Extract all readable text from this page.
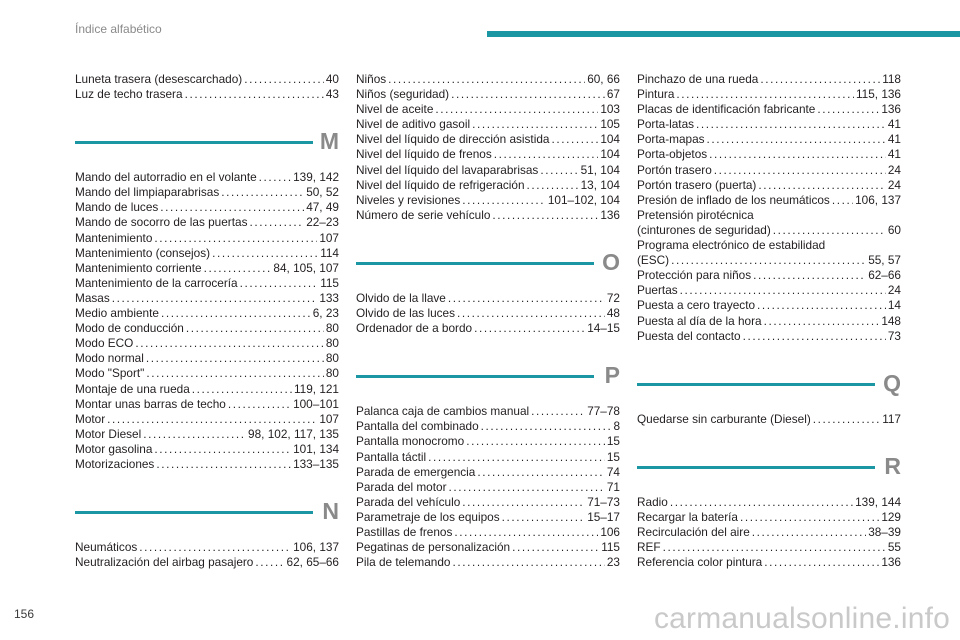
Índice alfabético
Luneta trasera (desescarchado) .....	40
Luz de techo trasera .....	43
M
Mando del autorradio en el volante .....	139, 142
Mando del limpiaparabrisas .....	50, 52
Mando de luces .....	47, 49
Mando de socorro de las puertas .....	22–23
Mantenimiento .....	107
Mantenimiento (consejos) .....	114
Mantenimiento corriente .....	84, 105, 107
Mantenimiento de la carrocería .....	115
Masas .....	133
Medio ambiente .....	6, 23
Modo de conducción .....	80
Modo ECO .....	80
Modo normal .....	80
Modo "Sport" .....	80
Montaje de una rueda .....	119, 121
Montar unas barras de techo .....	100–101
Motor .....	107
Motor Diesel .....	98, 102, 117, 135
Motor gasolina .....	101, 134
Motorizaciones .....	133–135
N
Neumáticos .....	106, 137
Neutralización del airbag pasajero .....	62, 65–66
Niños .....	60, 66
Niños (seguridad) .....	67
Nivel de aceite .....	103
Nivel de aditivo gasoil .....	105
Nivel del líquido de dirección asistida .....	104
Nivel del líquido de frenos .....	104
Nivel del líquido del lavaparabrisas .....	51, 104
Nivel del líquido de refrigeración .....	13, 104
Niveles y revisiones .....	101–102, 104
Número de serie vehículo .....	136
O
Olvido de la llave .....	72
Olvido de las luces .....	48
Ordenador de a bordo .....	14–15
P
Palanca caja de cambios manual .....	77–78
Pantalla del combinado .....	8
Pantalla monocromo .....	15
Pantalla táctil .....	15
Parada de emergencia .....	74
Parada del motor .....	71
Parada del vehículo .....	71–73
Parametraje de los equipos .....	15–17
Pastillas de frenos .....	106
Pegatinas de personalización .....	115
Pila de telemando .....	23
Pinchazo de una rueda .....	118
Pintura .....	115, 136
Placas de identificación fabricante .....	136
Porta-latas .....	41
Porta-mapas .....	41
Porta-objetos .....	41
Portón trasero .....	24
Portón trasero (puerta) .....	24
Presión de inflado de los neumáticos ..... 106, 137
Pretensión pirotécnica
(cinturones de seguridad) .....	60
Programa electrónico de estabilidad
(ESC) .....	55, 57
Protección para niños .....	62–66
Puertas .....	24
Puesta a cero trayecto .....	14
Puesta al día de la hora .....	148
Puesta del contacto .....	73
Q
Quedarse sin carburante (Diesel) .....	117
R
Radio .....	139, 144
Recargar la batería .....	129
Recirculación del aire .....	38–39
REF .....	55
Referencia color pintura .....	136
156	carmanualsonline.info
